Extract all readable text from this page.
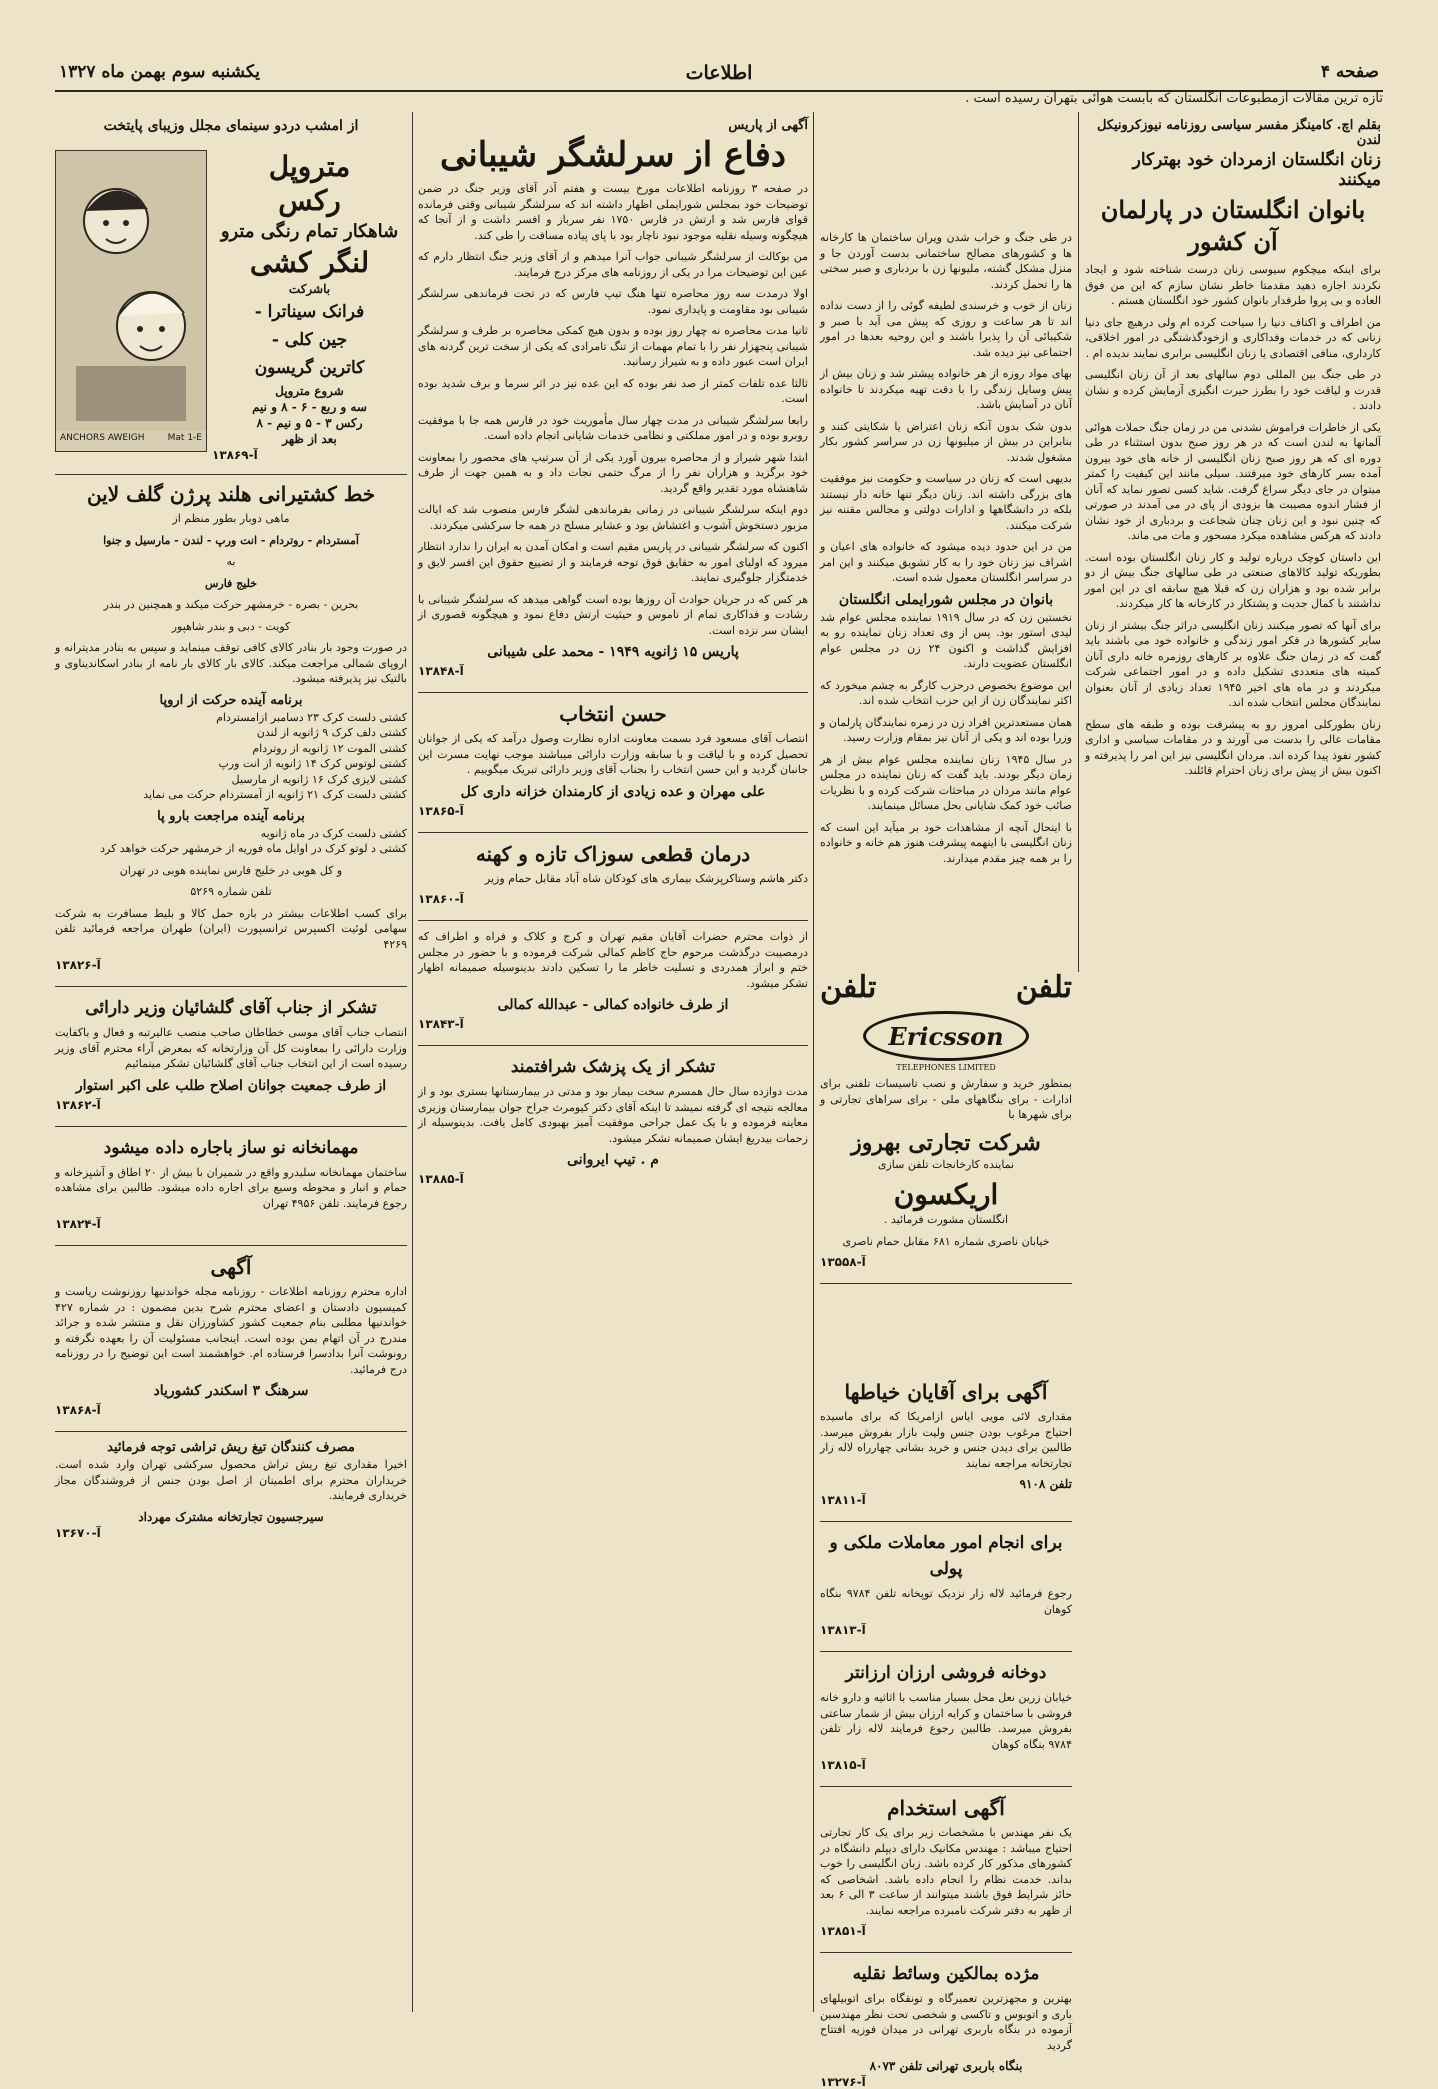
صفحه ۴
اطلاعات
یکشنبه سوم بهمن ماه ۱۳۲۷
تازه ترین مقالات ازمطبوعات انگلستان که بابست هوائی بتهران رسیده است .
بقلم اچ. کامینگز مفسر سیاسی روزنامه نیوزکرونیکل لندن
زنان انگلستان ازمردان خود بهترکار میکنند
بانوان انگلستان در پارلمان آن کشور

برای اینکه میچکوم سیوسی زنان درست شناخته شود و ایجاد نکردند اجازه دهید مقدمتا خاطر نشان سازم که این من فوق العاده و بی پروا طرفدار بانوان کشور خود انگلستان هستم .

من اطراف و اکناف دنیا را سیاحت کرده ام ولی درهیچ جای دنیا زنانی که در خدمات وفداکاری و ازخودگذشتگی در امور اخلاقی، کارداری، منافی اقتصادی یا زنان انگلیسی برابری نمایند ندیده ام .

در طی جنگ بین المللی دوم سالهای بعد از آن زنان انگلیسی قدرت و لیاقت خود را بطرز حیرت انگیزی آزمایش کرده و نشان دادند .

یکی از خاطرات فراموش نشدنی من در زمان جنگ حملات هوائی آلمانها به لندن است که در هر روز صبح بدون استثناء در طی دوره ای که هر روز صبح زنان انگلیسی از خانه های خود بیرون آمده بسر کارهای خود میرفتند. سیلی مانند این کیفیت را کمتر میتوان در جای دیگر سراغ گرفت. شاید کسی تصور نماید که آنان از فشار اندوه مصیبت ها بزودی از پای در می آمدند در صورتی که چنین نبود و این زنان چنان شجاعت و بردباری از خود نشان دادند که هرکس مشاهده میکرد مسحور و مات می ماند.

این داستان کوچک درباره تولید و کار زنان انگلستان بوده است. بطوریکه تولید کالاهای صنعتی در طی سالهای جنگ بیش از دو برابر شده بود و هزاران زن که قبلا هیچ سابقه ای در این امور نداشتند با کمال جدیت و پشتکار در کارخانه ها کار میکردند.

برای آنها که تصور میکنند زنان انگلیسی دراثر جنگ بیشتر از زنان سایر کشورها در فکر امور زندگی و خانواده خود می باشند باید گفت که در زمان جنگ علاوه بر کارهای روزمره خانه داری آنان کمیته های متعددی تشکیل داده و در امور اجتماعی شرکت میکردند و در ماه های اخیر ۱۹۴۵ تعداد زیادی از آنان بعنوان نمایندگان مجلس انتخاب شده اند.

زنان بطورکلی امروز رو به پیشرفت بوده و طبقه های سطح مقامات عالی را بدست می آورند و در مقامات سیاسی و اداری کشور نفوذ پیدا کرده اند. مردان انگلیسی نیز این امر را پذیرفته و اکنون بیش از پیش برای زنان احترام قائلند.

در طی جنگ و خراب شدن ویران ساختمان ها کارخانه ها و کشورهای مصالح ساختمانی بدست آوردن جا و منزل مشکل گشته، ملیونها زن با بردباری و صبر سختی ها را تحمل کردند.

زنان از خوب و خرسندی لطیفه گوئی را از دست نداده اند تا هر ساعت و روزی که پیش می آید با صبر و شکیبائی آن را پذیرا باشند و این روحیه بعدها در امور اجتماعی نیز دیده شد.

بهای مواد روزه از هر خانواده پیشتر شد و زنان بیش از پیش وسایل زندگی را با دقت تهیه میکردند تا خانواده آنان در آسایش باشد.

بدون شک بدون آنکه زنان اعتراض یا شکایتی کنند و بنابراین در بیش از میلیونها زن در سراسر کشور بکار مشغول شدند.

بدیهی است که زنان در سیاست و حکومت نیز موفقیت های بزرگی داشته اند. زنان دیگر تنها خانه دار نیستند بلکه در دانشگاهها و ادارات دولتی و مجالس مقننه نیز شرکت میکنند.

من در این حدود دیده میشود که خانواده های اعیان و اشراف نیز زنان خود را به کار تشویق میکنند و این امر در سراسر انگلستان معمول شده است.

بانوان در مجلس شورایملی انگلستان

نخستین زن که در سال ۱۹۱۹ نماینده مجلس عوام شد لیدی استور بود. پس از وی تعداد زنان نماینده رو به افزایش گذاشت و اکنون ۲۴ زن در مجلس عوام انگلستان عضویت دارند.

این موضوع بخصوص درحزب کارگر به چشم میخورد که اکثر نمایندگان زن از این حزب انتخاب شده اند.

همان مستعدترین افراد زن در زمره نمایندگان پارلمان و وزرا بوده اند و یکی از آنان نیز بمقام وزارت رسید.

در سال ۱۹۴۵ زنان نماینده مجلس عوام بیش از هر زمان دیگر بودند. باید گفت که زنان نماینده در مجلس عوام مانند مردان در مباحثات شرکت کرده و با نظریات صائب خود کمک شایانی بحل مسائل مینمایند.

با اینحال آنچه از مشاهدات خود بر میآید این است که زنان انگلیسی با اینهمه پیشرفت هنوز هم خانه و خانواده را بر همه چیز مقدم میدارند.

تلفن
تلفن
Ericsson
TELEPHONES LIMITED

بمنظور خرید و سفارش و نصب تاسیسات تلفنی برای ادارات - برای بنگاههای ملی - برای سراهای تجارتی و برای شهرها با

شرکت تجارتی بهروز
نماینده کارخانجات تلفن سازی
اریکسون
انگلستان مشورت فرمائید .
خیابان ناصری شماره ۶۸۱ مقابل حمام ناصری
۱۳۵۵۸-آ
آگهی برای آقایان خیاطها

مقداری لائی مویی ایاس ازامریکا که برای ماسیده احتیاج مرغوب بودن جنس ولیت بازار بفروش میرسد. طالبین برای دیدن جنس و خرید بشانی چهارراه لاله زار تجارتخانه مراجعه نمایند

تلفن ۹۱۰۸
۱۳۸۱۱-آ
برای انجام امور معاملات ملکی و پولی

رجوع فرمائید لاله زار نزدیک توپخانه تلفن ۹۷۸۴ بنگاه کوهان

۱۳۸۱۳-آ
دوخانه فروشی ارزان ارزانتر

خیابان زرین نعل محل بسیار مناسب با اثاثیه و دارو خانه فروشی با ساختمان و کرایه ارزان بیش از شمار ساعتی بفروش میرسد. طالبین رجوع فرمایند لاله زار تلفن ۹۷۸۴ بنگاه کوهان

۱۳۸۱۵-آ
آگهی استخدام

یک نفر مهندس با مشخصات زیر برای یک کار تجارتی احتیاج میباشد : مهندس مکانیک دارای دیپلم دانشگاه در کشورهای مذکور کار کرده باشد. زبان انگلیسی را خوب بداند. خدمت نظام را انجام داده باشد. اشخاصی که حائز شرایط فوق باشند میتوانند از ساعت ۳ الی ۶ بعد از ظهر به دفتر شرکت نامبرده مراجعه نمایند.

۱۳۸۵۱-آ
مژده بمالکین وسائط نقلیه

بهترین و مجهزترین تعمیرگاه و تونقگاه برای اتوبیلهای باری و اتوبوس و تاکسی و شخصی تحت نظر مهندسین آزموده در بنگاه باربری تهرانی در میدان فوزیه افتتاح گردید

بنگاه باربری تهرانی تلفن ۸۰۷۳
۱۳۲۷۶-آ
آگهی از پاریس
دفاع از سرلشگر شیبانی

در صفحه ۳ روزنامه اطلاعات مورخ بیست و هفتم آذر آقای وزیر جنگ در ضمن توضیحات خود بمجلس شورایملی اظهار داشته اند که سرلشگر شیبانی وقتی فرمانده قوای فارس شد و ارتش در فارس ۱۷۵۰ نفر سرباز و افسر داشت و از آنجا که هیچگونه وسیله نقلیه موجود نبود ناچار بود با پای پیاده مسافت را طی کند.

من بوکالت از سرلشگر شیبانی جواب آنرا میدهم و از آقای وزیر جنگ انتظار دارم که عین این توضیحات مرا در یکی از روزنامه های مرکز درج فرمایند.

اولا درمدت سه روز محاصره تنها هنگ تیپ فارس که در تحت فرماندهی سرلشگر شیبانی بود مقاومت و پایداری نمود.

ثانیا مدت محاصره نه چهار روز بوده و بدون هیچ کمکی محاصره بر طرف و سرلشگر شیبانی پنجهزار نفر را با تمام مهمات از تنگ تامرادی که یکی از سخت ترین گردنه های ایران است عبور داده و به شیراز رسانید.

ثالثا عده تلفات کمتر از صد نفر بوده که این عده نیز در اثر سرما و برف شدید بوده است.

رابعا سرلشگر شیبانی در مدت چهار سال مأموریت خود در فارس همه جا با موفقیت روبرو بوده و در امور مملکتی و نظامی خدمات شایانی انجام داده است.

ابتدا شهر شیراز و از محاصره بیرون آورد یکی از آن سرتیپ های محصور را بمعاونت خود برگزید و هزاران نفر را از مرگ حتمی نجات داد و به همین جهت از طرف شاهنشاه مورد تقدیر واقع گردید.

دوم اینکه سرلشگر شیبانی در زمانی بفرماندهی لشگر فارس منصوب شد که ایالت مزبور دستخوش آشوب و اغتشاش بود و عشایر مسلح در همه جا سرکشی میکردند.

اکنون که سرلشگر شیبانی در پاریس مقیم است و امکان آمدن به ایران را ندارد انتظار میرود که اولیای امور به حقایق فوق توجه فرمایند و از تضییع حقوق این افسر لایق و خدمتگزار جلوگیری نمایند.

هر کس که در جریان حوادث آن روزها بوده است گواهی میدهد که سرلشگر شیبانی با رشادت و فداکاری تمام از ناموس و حیثیت ارتش دفاع نمود و هیچگونه قصوری از ایشان سر نزده است.

پاریس ۱۵ ژانویه ۱۹۴۹ - محمد علی شیبانی
۱۳۸۴۸-آ
حسن انتخاب

انتصاب آقای مسعود فرد بسمت معاونت اداره نظارت وصول درآمد که یکی از جوانان تحصیل کرده و با لیاقت و با سابقه وزارت دارائی میباشند موجب نهایت مسرت این جانبان گردید و این حسن انتخاب را بجناب آقای وزیر دارائی تبریک میگوییم .

علی مهران و عده زیادی از کارمندان خزانه داری کل
۱۳۸۶۵-آ
درمان قطعی سوزاک تازه و کهنه

دکتر هاشم وستاکرپزشک بیماری های کودکان شاه آباد مقابل حمام وزیر

۱۳۸۶۰-آ

از ذوات محترم حضرات آقایان مقیم تهران و کرج و کلاک و فراه و اطراف که درمصیبت درگذشت مرحوم حاج کاظم کمالی شرکت فرموده و با حضور در مجلس ختم و ابراز همدردی و تسلیت خاطر ما را تسکین دادند بدینوسیله صمیمانه اظهار تشکر میشود.

از طرف خانواده کمالی - عبدالله کمالی
۱۳۸۴۳-آ
تشکر از یک پزشک شرافتمند

مدت دوازده سال حال همسرم سخت بیمار بود و مدتی در بیمارستانها بستری بود و از معالجه نتیجه ای گرفته نمیشد تا اینکه آقای دکتر کیومرث جراح جوان بیمارستان وزیری معاینه فرموده و با یک عمل جراحی موفقیت آمیز بهبودی کامل یافت. بدینوسیله از زحمات بیدریغ ایشان صمیمانه تشکر میشود.

م . تیپ ایروانی
۱۳۸۸۵-آ
از امشب دردو سینمای مجلل وزیبای پایتخت
ANCHORS AWEIGH	Mat 1-E
متروپل
رکس
شاهکار تمام رنگی مترو
لنگر کشی
باشرکت
فرانک سیناترا -
جین کلی -
کاترین گریسون
شروع متروپل
سه و ربع - ۶ - ۸ و نیم
رکس ۳ - ۵ و نیم - ۸
بعد از ظهر
۱۳۸۶۹-آ
خط کشتیرانی هلند پرژن گلف لاین
ماهی دوبار بطور منظم از
آمستردام - روتردام - انت ورپ - لندن - مارسیل و جنوا
به
خلیج فارس
بحرین - بصره - خرمشهر حرکت میکند و همچنین در بندر
کویت - دبی و بندر شاهپور

در صورت وجود بار بنادر کالای کافی توقف مینماید و سپس به بنادر مدیترانه و اروپای شمالی مراجعت میکند. کالای بار کالای بار نامه از بنادر اسکاندیناوی و بالتیک نیز پذیرفته میشود.

برنامه آینده حرکت از اروپا
کشتی دلست کرک ۲۳ دسامبر ازامستردام
کشتی دلف کرک ۹ ژانویه از لندن
کشتی الموت ۱۲ ژانویه از روتردام
کشتی لوتوس کرک ۱۴ ژانویه از انت ورپ
کشتی لایزی کرک ۱۶ ژانویه از مارسیل
کشتی دلست کرک ۲۱ ژانویه از آمستردام حرکت می نماید
برنامه آینده مراجعت بارو پا
کشتی دلست کرک در ماه ژانویه
کشتی د لوتو کرک در اوایل ماه فوریه از خرمشهر حرکت خواهد کرد
و کل هوبی در خلیج فارس نماینده هوبی در تهران
تلفن شماره ۵۲۶۹

برای کسب اطلاعات بیشتر در باره حمل کالا و بلیط مسافرت به شرکت سهامی لوئیت اکسپرس ترانسپورت (ایران) طهران مراجعه فرمائید تلفن ۴۲۶۹

۱۳۸۲۶-آ
تشکر از جناب آقای گلشائیان وزیر دارائی

انتصاب جناب آقای موسی خطاطان صاحب منصب عالیرتبه و فعال و باکفایت وزارت دارائی را بمعاونت کل آن وزارتخانه که بمعرض آراء محترم آقای وزیر رسیده است از این انتخاب جناب آقای گلشائیان تشکر مینمائیم

از طرف جمعیت جوانان اصلاح طلب علی اکبر استوار
۱۳۸۶۲-آ
مهمانخانه نو ساز باجاره داده میشود

ساختمان مهمانخانه سلیدرو واقع در شمیران با بیش از ۲۰ اطاق و آشپزخانه و حمام و انبار و محوطه وسیع برای اجاره داده میشود. طالبین برای مشاهده رجوع فرمایند. تلفن ۴۹۵۶ تهران

۱۳۸۲۴-آ
آگهی

اداره محترم روزنامه اطلاعات - روزنامه مجله خواندنیها روزنوشت ریاست و کمیسیون دادستان و اعضای محترم شرح بدین مضمون : در شماره ۴۲۷ خواندنیها مطلبی بنام جمعیت کشور کشاورزان نقل و منتشر شده و جرائد مندرج در آن اتهام بمن بوده است. اینجانب مسئولیت آن را بعهده نگرفته و رونوشت آنرا بدادسرا فرستاده ام. خواهشمند است این توضیح را در روزنامه درج فرمائید.

سرهنگ ۳ اسکندر کشوریاد
۱۳۸۶۸-آ
مصرف کنندگان تیغ ریش تراشی توجه فرمائید

اخیرا مقداری تیغ ریش تراش محصول سرکشی تهران وارد شده است. خریداران محترم برای اطمینان از اصل بودن جنس از فروشندگان مجاز خریداری فرمایند.

سیرجسیون تجارتخانه مشترک مهرداد
۱۳۶۷۰-آ
